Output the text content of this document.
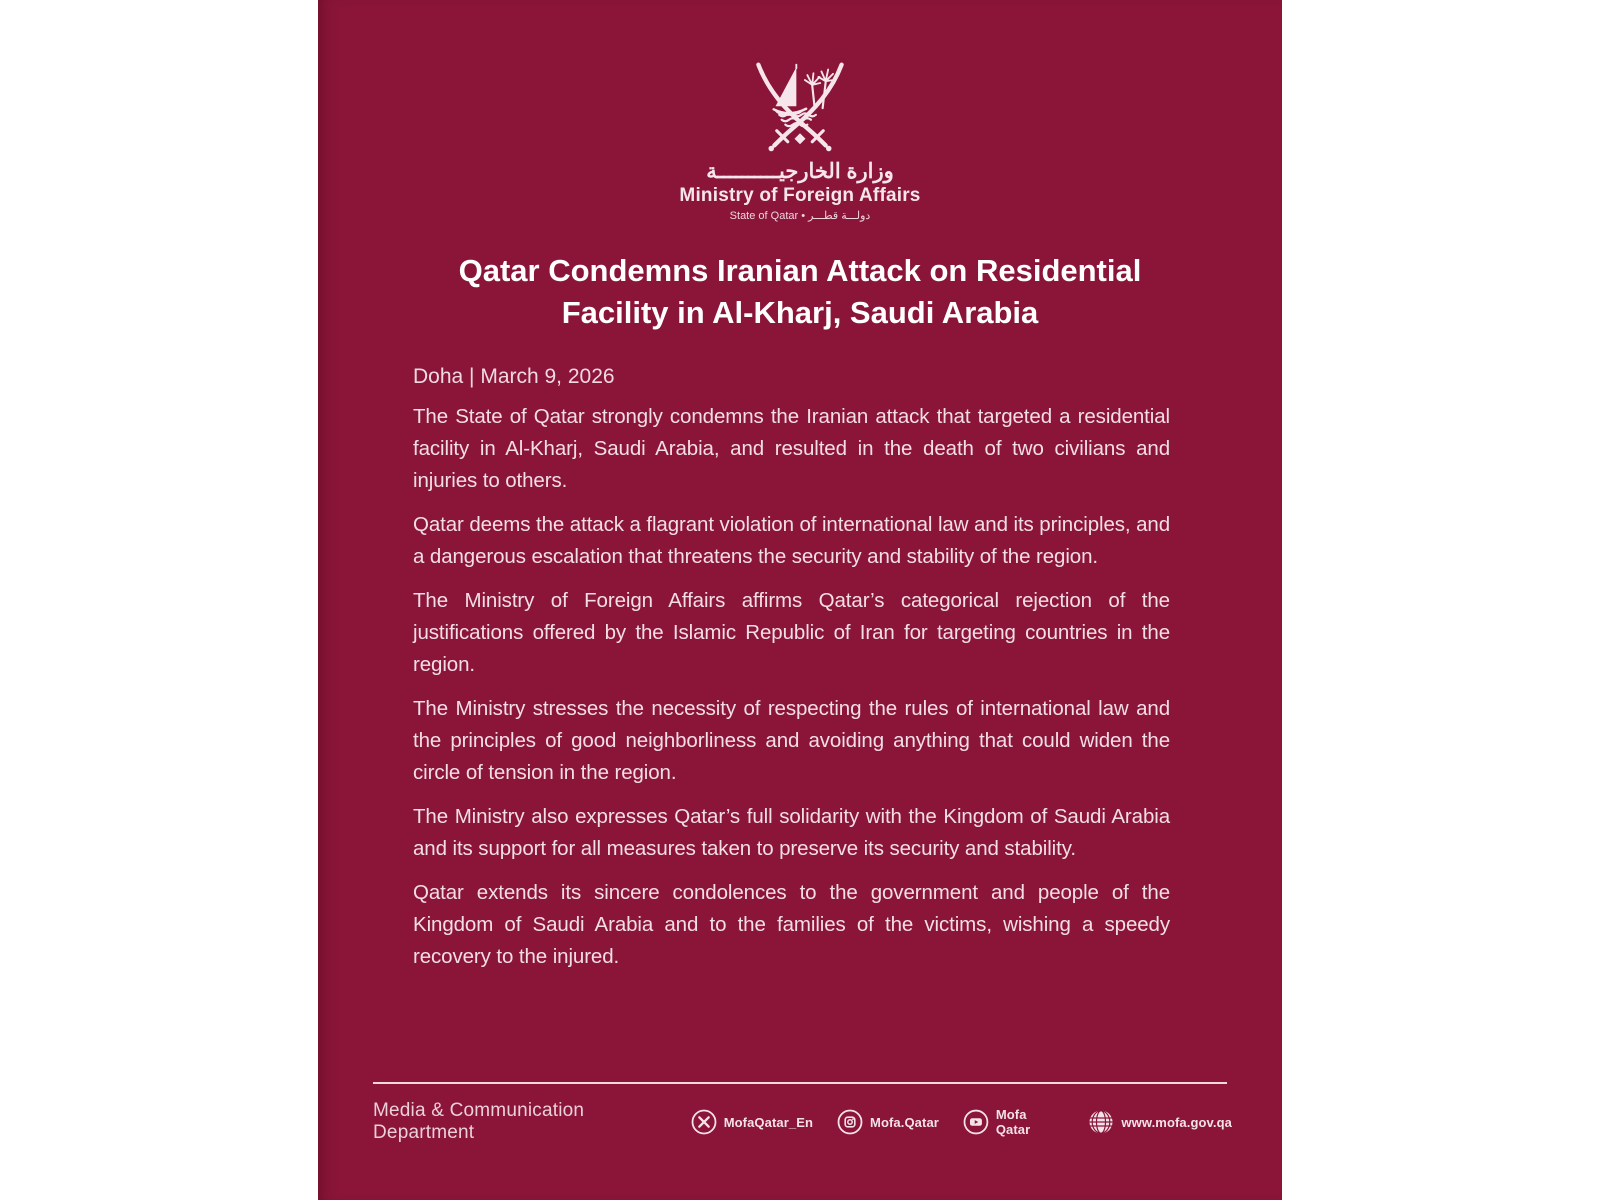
وزارة الخارجيــــــــــة
Ministry of Foreign Affairs
State of Qatar • دولـــة قطـــر
Qatar Condemns Iranian Attack on Residential
Facility in Al-Kharj, Saudi Arabia
Doha | March 9, 2026

The State of Qatar strongly condemns the Iranian attack that targeted a residential facility in Al-Kharj, Saudi Arabia, and resulted in the death of two civilians and injuries to others.

Qatar deems the attack a flagrant violation of international law and its principles, and a dangerous escalation that threatens the security and stability of the region.

The Ministry of Foreign Affairs affirms Qatar’s categorical rejection of the justifications offered by the Islamic Republic of Iran for targeting countries in the region.

The Ministry stresses the necessity of respecting the rules of international law and the principles of good neighborliness and avoiding anything that could widen the circle of tension in the region.

The Ministry also expresses Qatar’s full solidarity with the Kingdom of Saudi Arabia and its support for all measures taken to preserve its security and stability.

Qatar extends its sincere condolences to the government and people of the Kingdom of Saudi Arabia and to the families of the victims, wishing a speedy recovery to the injured.

Media & Communication Department	MofaQatar_En	Mofa.Qatar	Mofa Qatar	www.mofa.gov.qa
